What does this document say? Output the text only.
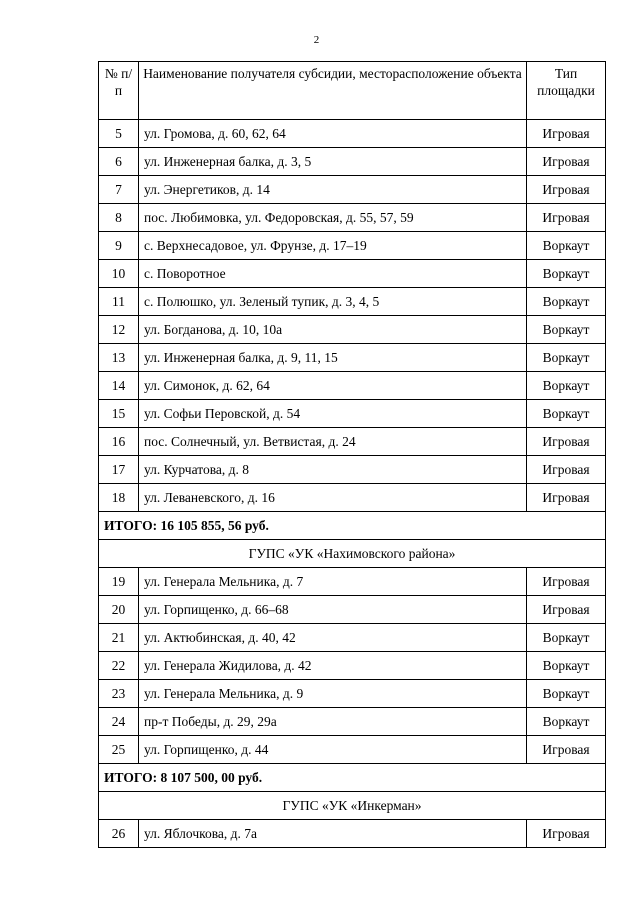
2
№ п/п	Наименование получателя субсидии, месторасположение объекта	Тип площадки
5	ул. Громова, д. 60, 62, 64	Игровая
6	ул. Инженерная балка, д. 3, 5	Игровая
7	ул. Энергетиков, д. 14	Игровая
8	пос. Любимовка, ул. Федоровская, д. 55, 57, 59	Игровая
9	с. Верхнесадовое, ул. Фрунзе, д. 17–19	Воркаут
10	с. Поворотное	Воркаут
11	с. Полюшко, ул. Зеленый тупик, д. 3, 4, 5	Воркаут
12	ул. Богданова, д. 10, 10а	Воркаут
13	ул. Инженерная балка, д. 9, 11, 15	Воркаут
14	ул. Симонок, д. 62, 64	Воркаут
15	ул. Софьи Перовской, д. 54	Воркаут
16	пос. Солнечный, ул. Ветвистая, д. 24	Игровая
17	ул. Курчатова, д. 8	Игровая
18	ул. Леваневского, д. 16	Игровая
ИТОГО: 16 105 855, 56 руб.		
ГУПС «УК «Нахимовского района»		
19	ул. Генерала Мельника, д. 7	Игровая
20	ул. Горпищенко, д. 66–68	Игровая
21	ул. Актюбинская, д. 40, 42	Воркаут
22	ул. Генерала Жидилова, д. 42	Воркаут
23	ул. Генерала Мельника, д. 9	Воркаут
24	пр-т Победы, д. 29, 29а	Воркаут
25	ул. Горпищенко, д. 44	Игровая
ИТОГО: 8 107 500, 00 руб.		
ГУПС «УК «Инкерман»		
26	ул. Яблочкова, д. 7а	Игровая
